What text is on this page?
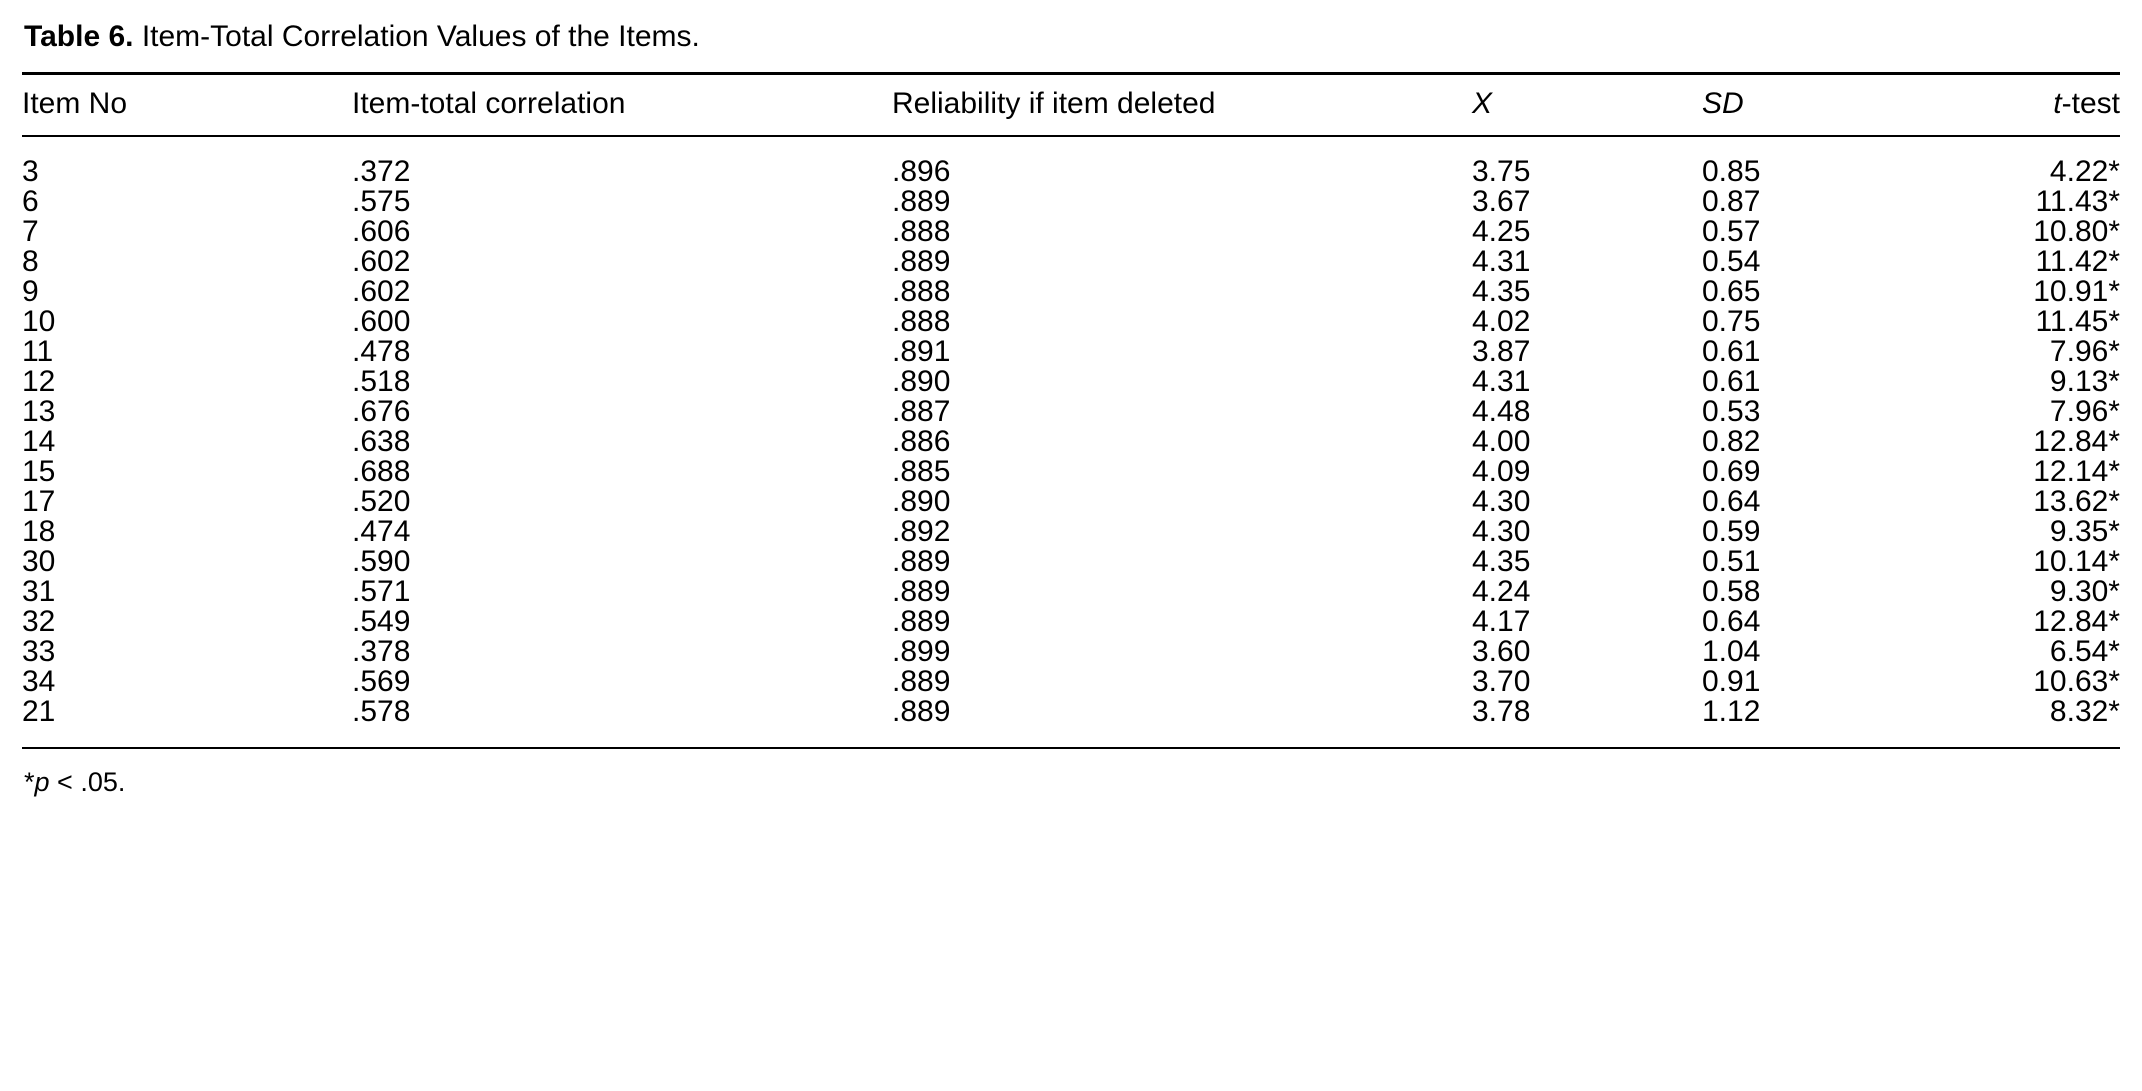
Table 6. Item-Total Correlation Values of the Items.
Item No	Item-total correlation	Reliability if item deleted	X	SD	t-test
3	.372	.896	3.75	0.85	4.22*
6	.575	.889	3.67	0.87	11.43*
7	.606	.888	4.25	0.57	10.80*
8	.602	.889	4.31	0.54	11.42*
9	.602	.888	4.35	0.65	10.91*
10	.600	.888	4.02	0.75	11.45*
11	.478	.891	3.87	0.61	7.96*
12	.518	.890	4.31	0.61	9.13*
13	.676	.887	4.48	0.53	7.96*
14	.638	.886	4.00	0.82	12.84*
15	.688	.885	4.09	0.69	12.14*
17	.520	.890	4.30	0.64	13.62*
18	.474	.892	4.30	0.59	9.35*
30	.590	.889	4.35	0.51	10.14*
31	.571	.889	4.24	0.58	9.30*
32	.549	.889	4.17	0.64	12.84*
33	.378	.899	3.60	1.04	6.54*
34	.569	.889	3.70	0.91	10.63*
21	.578	.889	3.78	1.12	8.32*
*p < .05.
